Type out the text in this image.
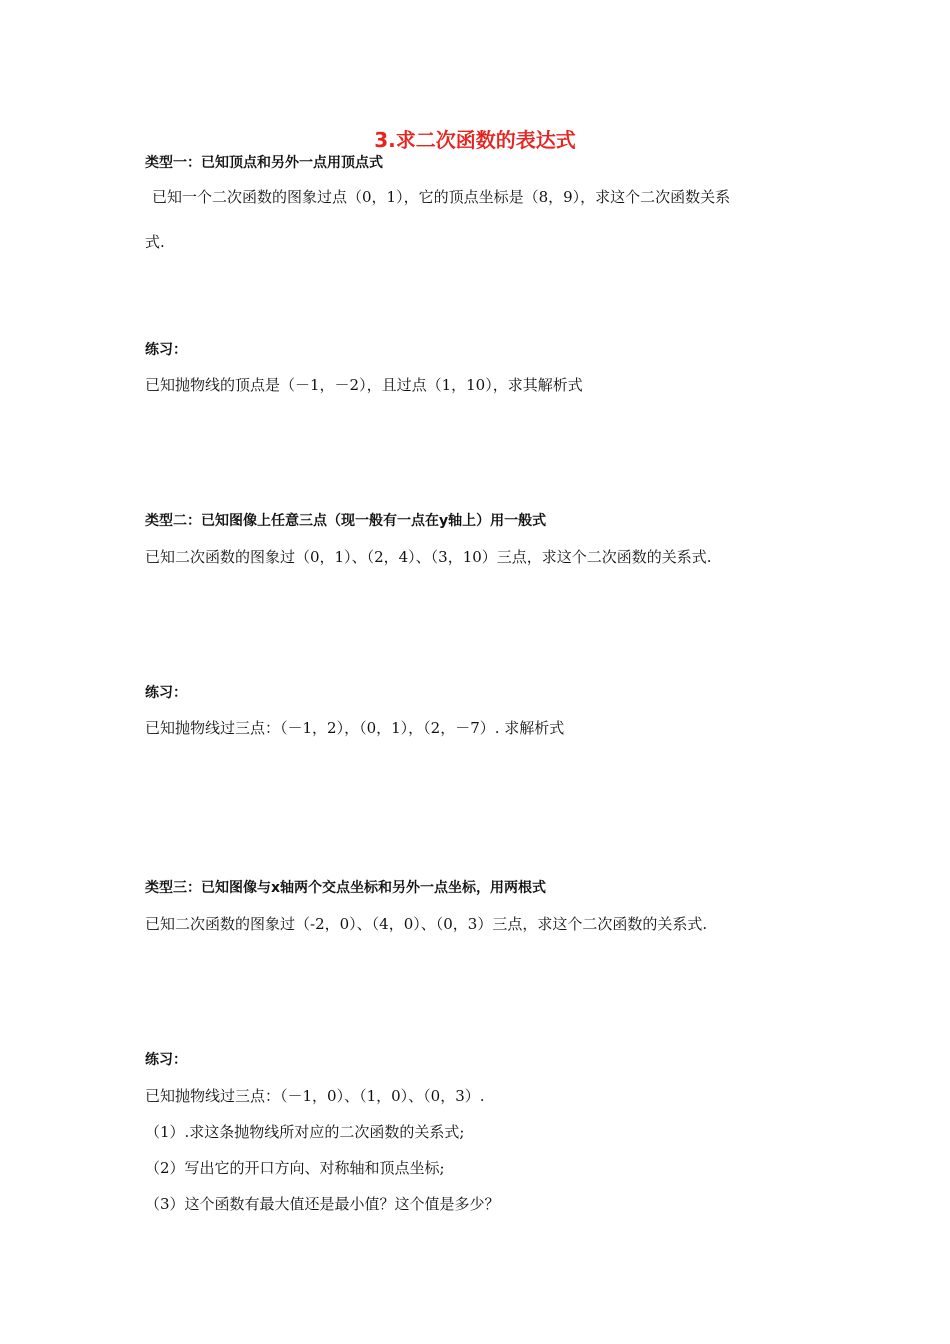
3.求二次函数的表达式
类型一：已知顶点和另外一点用顶点式
已知一个二次函数的图象过点（0，1），它的顶点坐标是（8，9），求这个二次函数关系
式.
练习：
已知抛物线的顶点是（－1，－2），且过点（1，10），求其解析式
类型二：已知图像上任意三点（现一般有一点在y轴上）用一般式
已知二次函数的图象过（0，1）、（2，4）、（3，10）三点，求这个二次函数的关系式.
练习：
已知抛物线过三点：（－1，2），（0，1），（2，－7）. 求解析式
类型三：已知图像与x轴两个交点坐标和另外一点坐标，用两根式
已知二次函数的图象过（-2，0）、（4，0）、（0，3）三点，求这个二次函数的关系式.
练习：
已知抛物线过三点：（－1，0）、（1，0）、（0，3）.
（1）.求这条抛物线所对应的二次函数的关系式;
（2）写出它的开口方向、对称轴和顶点坐标;
（3）这个函数有最大值还是最小值？这个值是多少？
